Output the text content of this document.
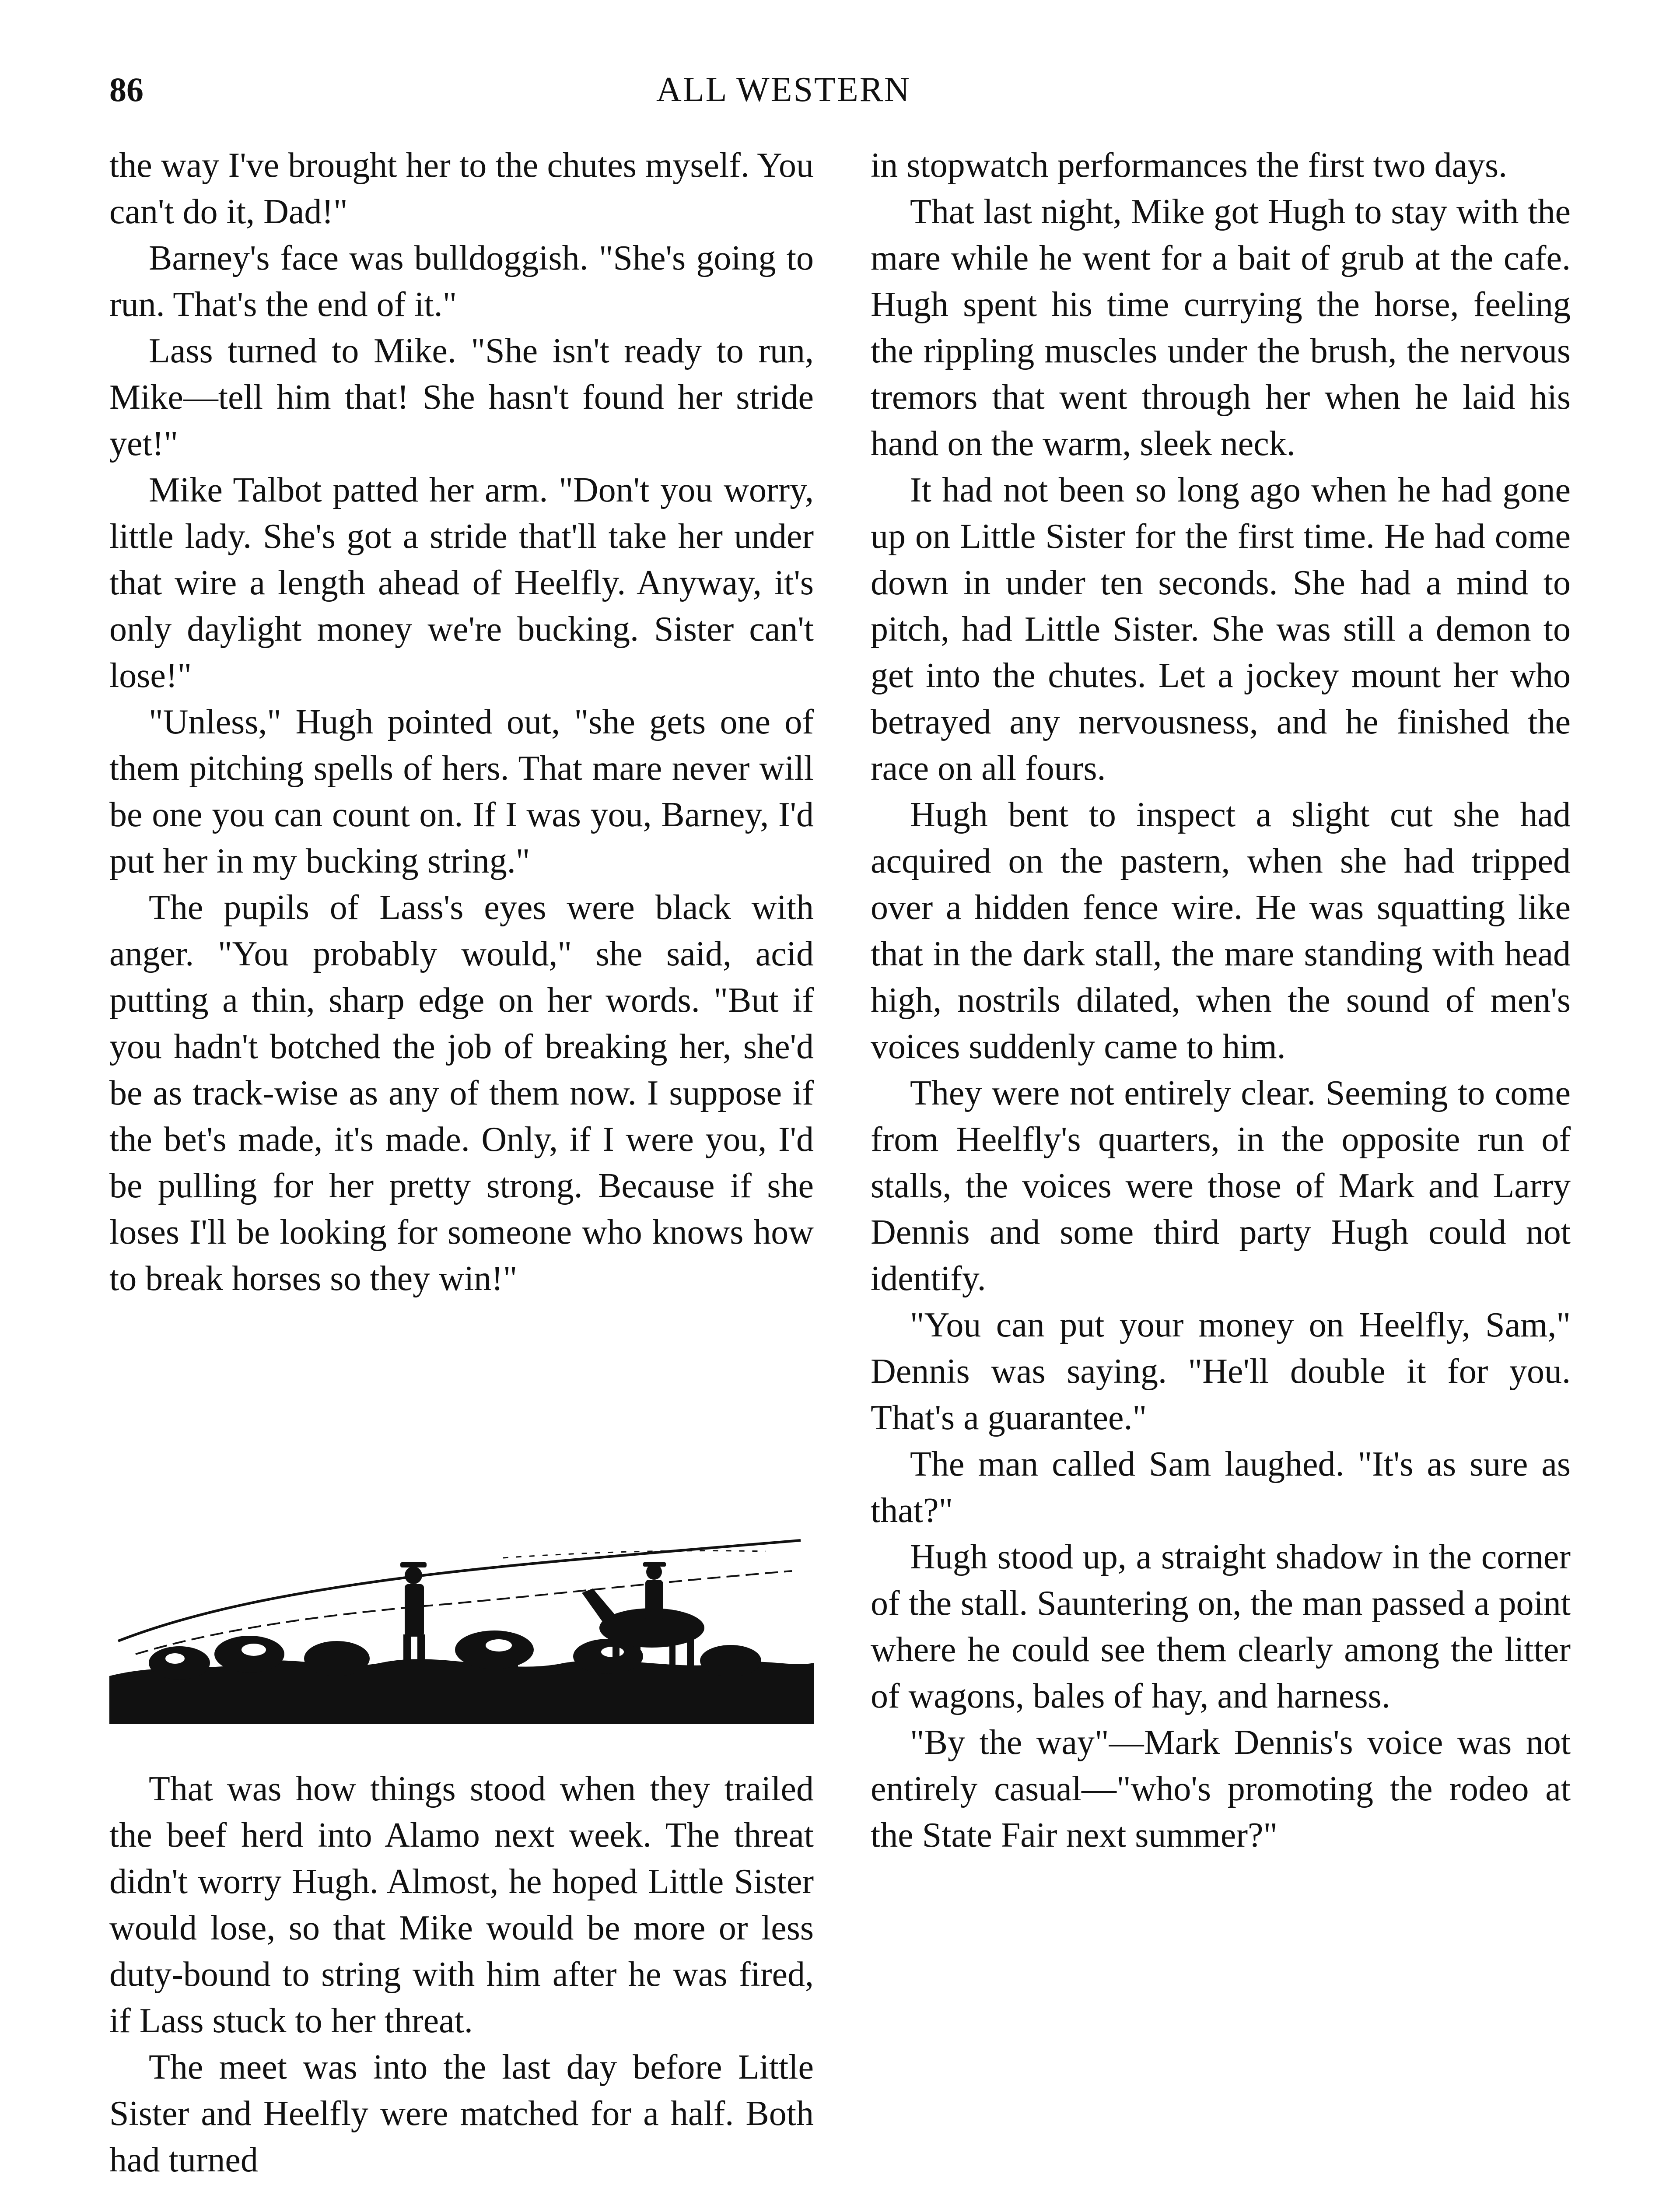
86	ALL WESTERN

the way I've brought her to the chutes myself. You can't do it, Dad!"

Barney's face was bulldoggish. "She's going to run. That's the end of it."

Lass turned to Mike. "She isn't ready to run, Mike—tell him that! She hasn't found her stride yet!"

Mike Talbot patted her arm. "Don't you worry, little lady. She's got a stride that'll take her under that wire a length ahead of Heelfly. Anyway, it's only daylight money we're bucking. Sister can't lose!"

"Unless," Hugh pointed out, "she gets one of them pitching spells of hers. That mare never will be one you can count on. If I was you, Barney, I'd put her in my bucking string."

The pupils of Lass's eyes were black with anger. "You probably would," she said, acid putting a thin, sharp edge on her words. "But if you hadn't botched the job of breaking her, she'd be as track-wise as any of them now. I suppose if the bet's made, it's made. Only, if I were you, I'd be pulling for her pretty strong. Because if she loses I'll be looking for someone who knows how to break horses so they win!"

That was how things stood when they trailed the beef herd into Alamo next week. The threat didn't worry Hugh. Almost, he hoped Little Sister would lose, so that Mike would be more or less duty-bound to string with him after he was fired, if Lass stuck to her threat.

The meet was into the last day before Little Sister and Heelfly were matched for a half. Both had turned

in stopwatch performances the first two days.

That last night, Mike got Hugh to stay with the mare while he went for a bait of grub at the cafe. Hugh spent his time currying the horse, feeling the rippling muscles under the brush, the nervous tremors that went through her when he laid his hand on the warm, sleek neck.

It had not been so long ago when he had gone up on Little Sister for the first time. He had come down in under ten seconds. She had a mind to pitch, had Little Sister. She was still a demon to get into the chutes. Let a jockey mount her who betrayed any nervousness, and he finished the race on all fours.

Hugh bent to inspect a slight cut she had acquired on the pastern, when she had tripped over a hidden fence wire. He was squatting like that in the dark stall, the mare standing with head high, nostrils dilated, when the sound of men's voices suddenly came to him.

They were not entirely clear. Seeming to come from Heelfly's quarters, in the opposite run of stalls, the voices were those of Mark and Larry Dennis and some third party Hugh could not identify.

"You can put your money on Heelfly, Sam," Dennis was saying. "He'll double it for you. That's a guarantee."

The man called Sam laughed. "It's as sure as that?"

Hugh stood up, a straight shadow in the corner of the stall. Sauntering on, the man passed a point where he could see them clearly among the litter of wagons, bales of hay, and harness.

"By the way"—Mark Dennis's voice was not entirely casual—"who's promoting the rodeo at the State Fair next summer?"
